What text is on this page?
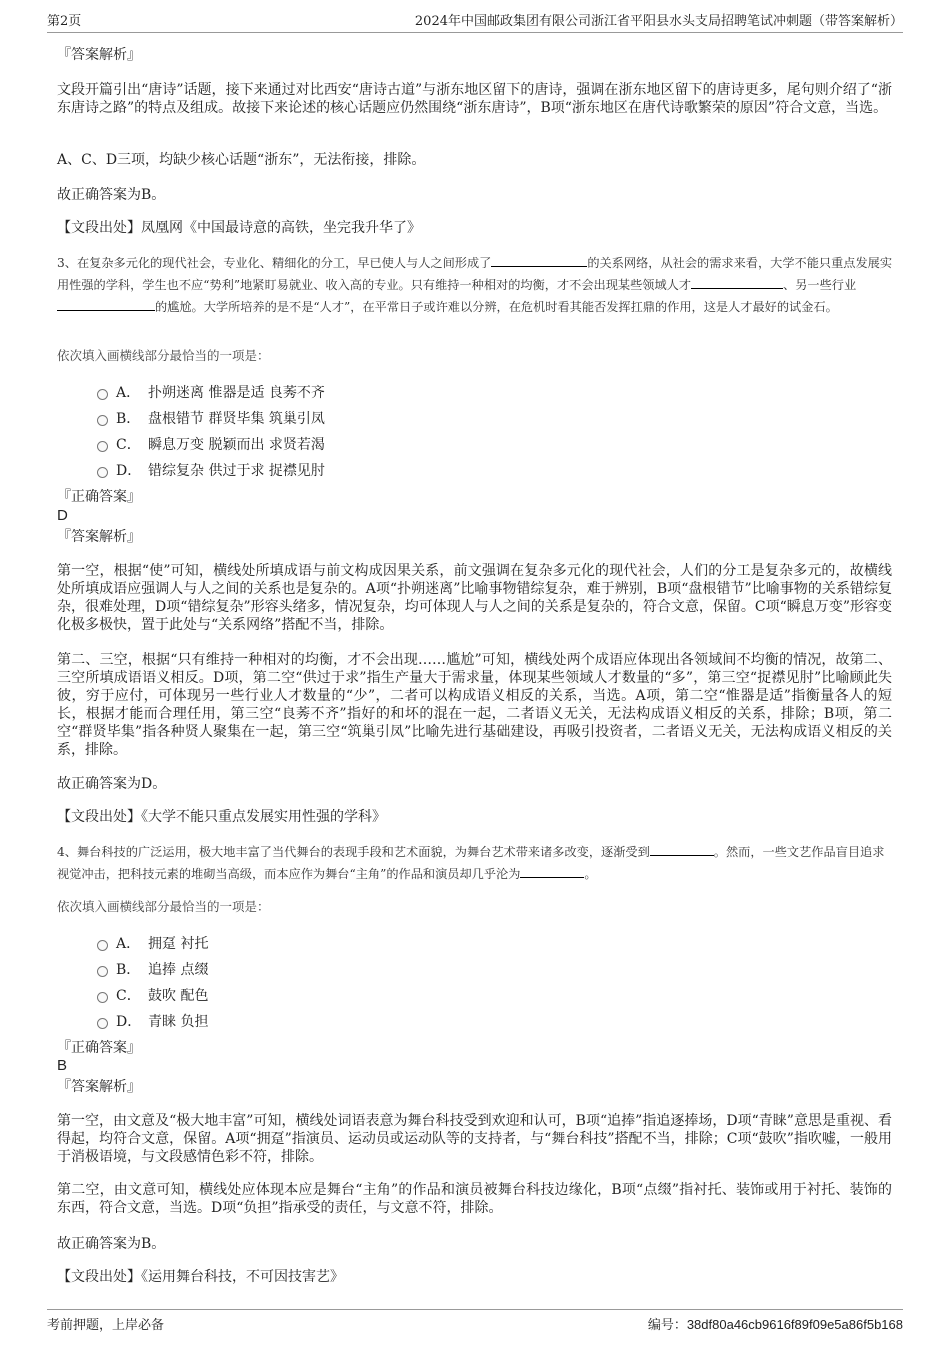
第2页	2024年中国邮政集团有限公司浙江省平阳县水头支局招聘笔试冲刺题（带答案解析）
『答案解析』
文段开篇引出“唐诗”话题，接下来通过对比西安“唐诗古道”与浙东地区留下的唐诗，强调在浙东地区留下的唐诗更多，尾句则介绍了“浙东唐诗之路”的特点及组成。故接下来论述的核心话题应仍然围绕“浙东唐诗”，B项“浙东地区在唐代诗歌繁荣的原因”符合文意，当选。
A、C、D三项，均缺少核心话题“浙东”，无法衔接，排除。
故正确答案为B。
【文段出处】凤凰网《中国最诗意的高铁，坐完我升华了》
3、在复杂多元化的现代社会，专业化、精细化的分工，早已使人与人之间形成了	的关系网络，从社会的需求来看，大学不能只重点发展实用性强的学科，学生也不应“势利”地紧盯易就业、收入高的专业。只有维持一种相对的均衡，才不会出现某些领域人才	、另一些行业的尴尬。大学所培养的是不是“人才”，在平常日子或许难以分辨，在危机时看其能否发挥扛鼎的作用，这是人才最好的试金石。
依次填入画横线部分最恰当的一项是：
A． 扑朔迷离 惟器是适 良莠不齐
B． 盘根错节 群贤毕集 筑巢引凤
C． 瞬息万变 脱颖而出 求贤若渴
D． 错综复杂 供过于求 捉襟见肘
『正确答案』
D
『答案解析』
第一空，根据“使”可知，横线处所填成语与前文构成因果关系，前文强调在复杂多元化的现代社会，人们的分工是复杂多元的，故横线处所填成语应强调人与人之间的关系也是复杂的。A项“扑朔迷离”比喻事物错综复杂，难于辨别，B项“盘根错节”比喻事物的关系错综复杂，很难处理，D项“错综复杂”形容头绪多，情况复杂，均可体现人与人之间的关系是复杂的，符合文意，保留。C项“瞬息万变”形容变化极多极快，置于此处与“关系网络”搭配不当，排除。
第二、三空，根据“只有维持一种相对的均衡，才不会出现……尴尬”可知，横线处两个成语应体现出各领域间不均衡的情况，故第二、三空所填成语语义相反。D项，第二空“供过于求”指生产量大于需求量，体现某些领域人才数量的“多”，第三空“捉襟见肘”比喻顾此失彼，穷于应付，可体现另一些行业人才数量的“少”，二者可以构成语义相反的关系，当选。A项，第二空“惟器是适”指衡量各人的短长，根据才能而合理任用，第三空“良莠不齐”指好的和坏的混在一起，二者语义无关，无法构成语义相反的关系，排除；B项，第二空“群贤毕集”指各种贤人聚集在一起，第三空“筑巢引凤”比喻先进行基础建设，再吸引投资者，二者语义无关，无法构成语义相反的关系，排除。
故正确答案为D。
【文段出处】《大学不能只重点发展实用性强的学科》
4、舞台科技的广泛运用，极大地丰富了当代舞台的表现手段和艺术面貌，为舞台艺术带来诸多改变，逐渐受到	。然而，一些文艺作品盲目追求视觉冲击，把科技元素的堆砌当高级，而本应作为舞台“主角”的作品和演员却几乎沦为	。
依次填入画横线部分最恰当的一项是：
A． 拥趸 衬托
B． 追捧 点缀
C． 鼓吹 配色
D． 青睐 负担
『正确答案』
B
『答案解析』
第一空，由文意及“极大地丰富”可知，横线处词语表意为舞台科技受到欢迎和认可，B项“追捧”指追逐捧场，D项“青睐”意思是重视、看得起，均符合文意，保留。A项“拥趸”指演员、运动员或运动队等的支持者，与“舞台科技”搭配不当，排除；C项“鼓吹”指吹嘘，一般用于消极语境，与文段感情色彩不符，排除。
第二空，由文意可知，横线处应体现本应是舞台“主角”的作品和演员被舞台科技边缘化，B项“点缀”指衬托、装饰或用于衬托、装饰的东西，符合文意，当选。D项“负担”指承受的责任，与文意不符，排除。
故正确答案为B。
【文段出处】《运用舞台科技，不可因技害艺》
考前押题，上岸必备	编号：38df80a46cb9616f89f09e5a86f5b168
